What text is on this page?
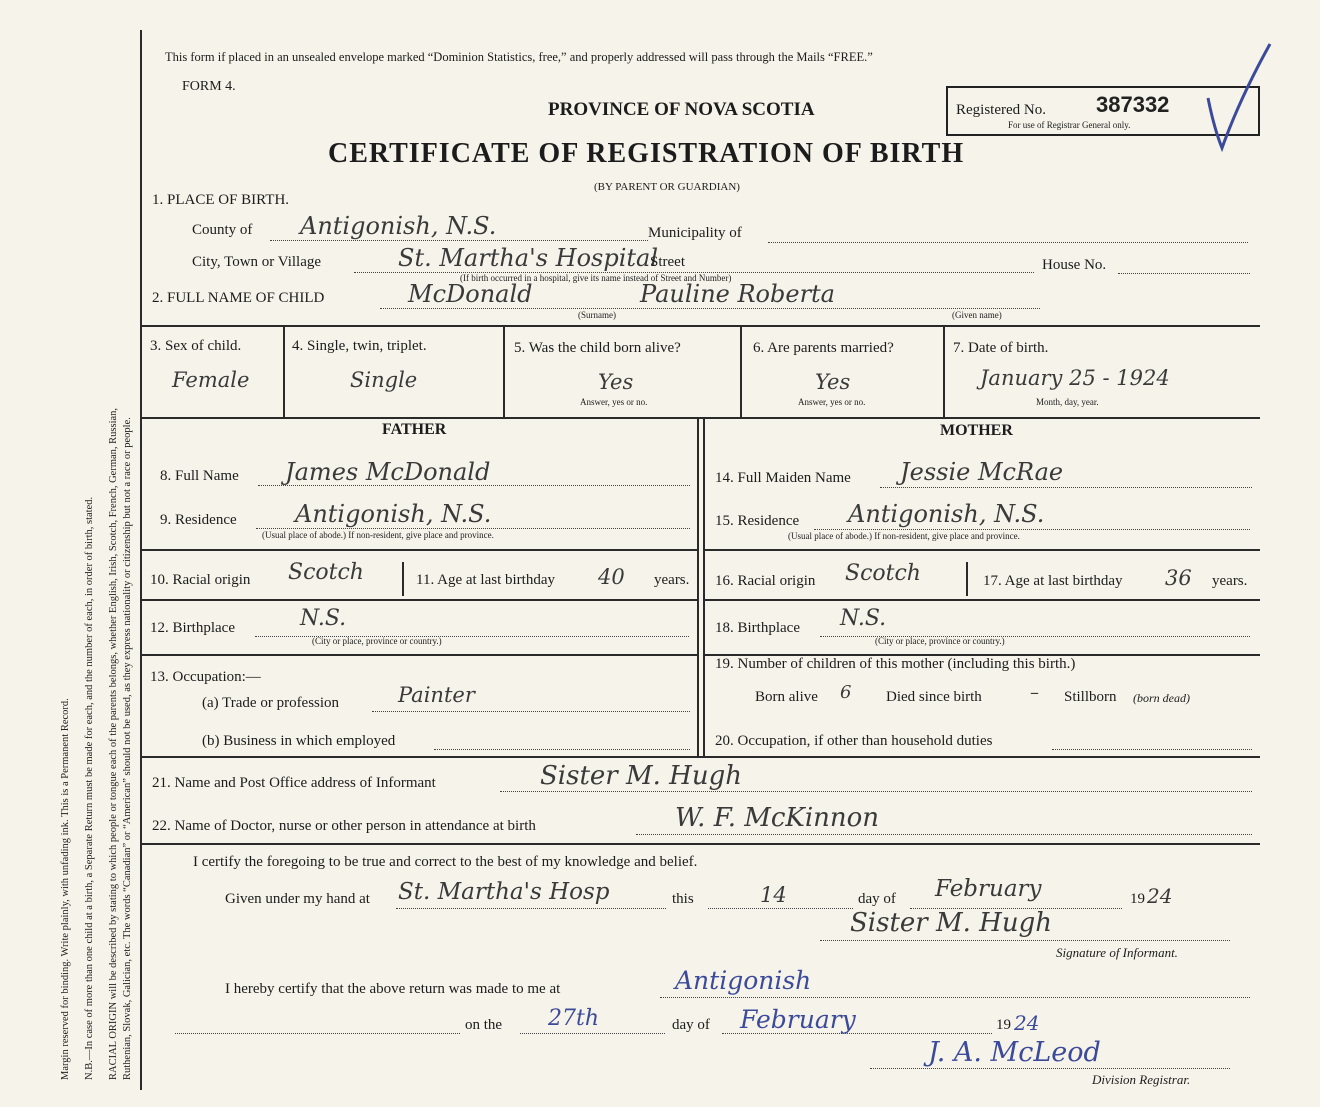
Margin reserved for binding. Write plainly, with unfading ink. This is a Permanent Record. N.B.—In case of more than one child at a birth, a Separate Return must be made for each, and the number of each, in order of birth, stated. RACIAL ORIGIN will be described by stating to which people or tongue each of the parents belongs, whether English, Irish, Scotch, French, German, Russian, Ruthenian, Slovak, Galician, etc. The words “Canadian” or “American” should not be used, as they express nationality or citizenship but not a race or people.
This form if placed in an unsealed envelope marked “Dominion Statistics, free,” and properly addressed will pass through the Mails “FREE.”
FORM 4.
PROVINCE OF NOVA SCOTIA
CERTIFICATE OF REGISTRATION OF BIRTH
(BY PARENT OR GUARDIAN)
Registered No. 387332
For use of Registrar General only.
1. PLACE OF BIRTH.
County of Antigonish, N.S.	Municipality of
City, Town or Village	St. Martha's Hospital
Street
(If birth occurred in a hospital, give its name instead of Street and Number)
House No.
2. FULL NAME OF CHILD	McDonald	Pauline Roberta
(Surname)	(Given name)
3. Sex of child.
Female
4. Single, twin, triplet.
Single
5. Was the child born alive?
Yes
Answer, yes or no.
6. Are parents married?
Yes
Answer, yes or no.
7. Date of birth.
January 25 - 1924
Month, day, year.
FATHER	MOTHER
8. Full Name James McDonald
9. Residence Antigonish, N.S.
(Usual place of abode.) If non-resident, give place and province.
10. Racial origin Scotch	11. Age at last birthday 40 years.
12. Birthplace	N.S.
(City or place, province or country.)
13. Occupation:—
(a) Trade or profession	Painter
(b) Business in which employed
14. Full Maiden Name Jessie McRae
15. Residence Antigonish, N.S.
(Usual place of abode.) If non-resident, give place and province.
16. Racial origin Scotch	17. Age at last birthday 36 years.
18. Birthplace N.S.
(City or place, province or country.)
19. Number of children of this mother (including this birth.)
Born alive 6 Died since birth	– Stillborn (born dead)
20. Occupation, if other than household duties
21. Name and Post Office address of Informant	Sister M. Hugh
22. Name of Doctor, nurse or other person in attendance at birth	W. F. McKinnon
I certify the foregoing to be true and correct to the best of my knowledge and belief.
Given under my hand at St. Martha's Hosp	this	14	day of February	19 24
Sister M. Hugh
Signature of Informant.
I hereby certify that the above return was made to me at	Antigonish
on the 27th	day of February	19 24
J. A. McLeod
Division Registrar.
